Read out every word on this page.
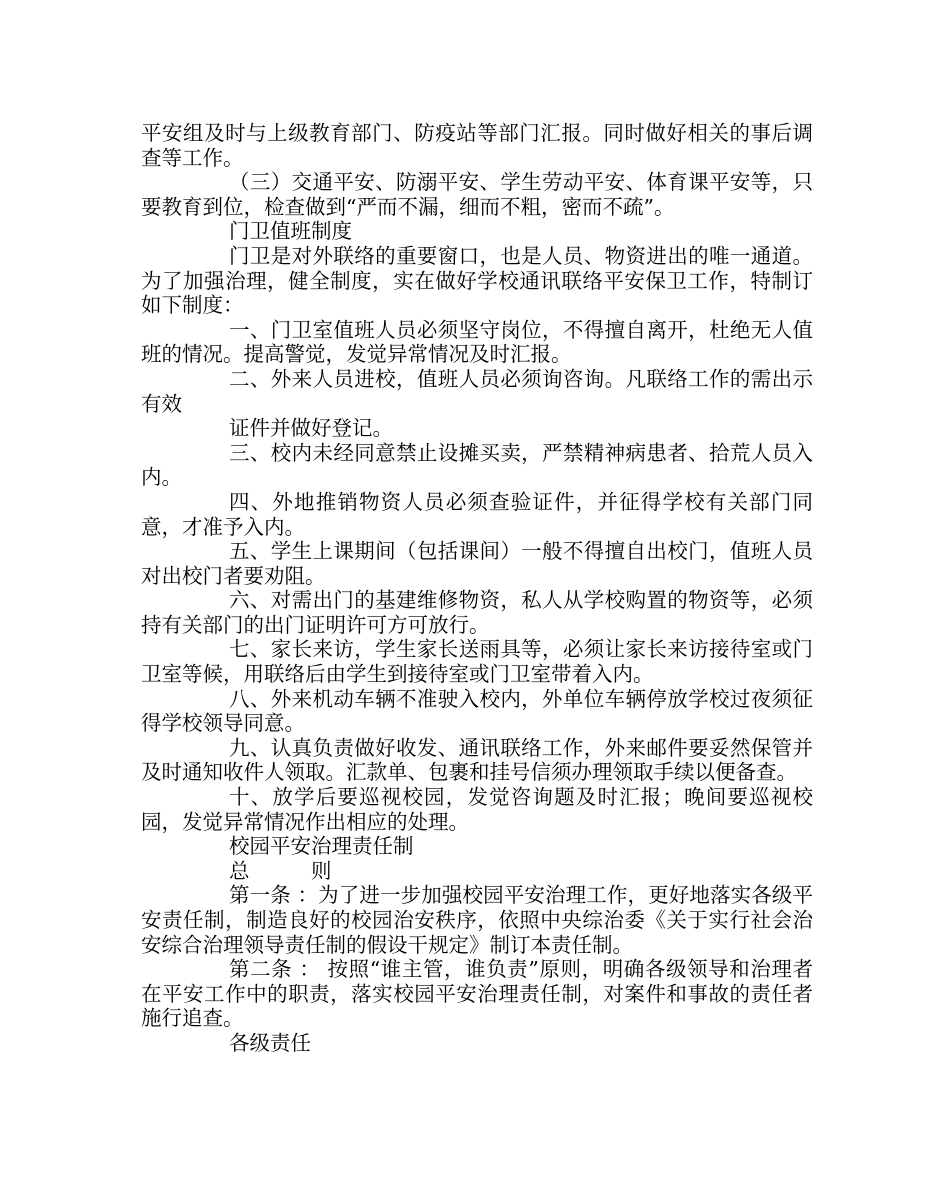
平安组及时与上级教育部门、防疫站等部门汇报。同时做好相关的事后调查等工作。

（三）交通平安、防溺平安、学生劳动平安、体育课平安等，只要教育到位，检查做到“严而不漏，细而不粗，密而不疏”。

门卫值班制度

门卫是对外联络的重要窗口，也是人员、物资进出的唯一通道。为了加强治理，健全制度，实在做好学校通讯联络平安保卫工作，特制订如下制度：

一、门卫室值班人员必须坚守岗位，不得擅自离开，杜绝无人值班的情况。提高警觉，发觉异常情况及时汇报。

二、外来人员进校，值班人员必须询咨询。凡联络工作的需出示有效

证件并做好登记。

三、校内未经同意禁止设摊买卖，严禁精神病患者、拾荒人员入内。

四、外地推销物资人员必须查验证件，并征得学校有关部门同意，才准予入内。

五、学生上课期间（包括课间）一般不得擅自出校门，值班人员对出校门者要劝阻。

六、对需出门的基建维修物资，私人从学校购置的物资等，必须持有关部门的出门证明许可方可放行。

七、家长来访，学生家长送雨具等，必须让家长来访接待室或门卫室等候，用联络后由学生到接待室或门卫室带着入内。

八、外来机动车辆不准驶入校内，外单位车辆停放学校过夜须征得学校领导同意。

九、认真负责做好收发、通讯联络工作，外来邮件要妥然保管并及时通知收件人领取。汇款单、包裹和挂号信须办理领取手续以便备查。

十、放学后要巡视校园，发觉咨询题及时汇报；晚间要巡视校园，发觉异常情况作出相应的处理。

校园平安治理责任制

总　　　则

第一条 ：为了进一步加强校园平安治理工作，更好地落实各级平安责任制，制造良好的校园治安秩序，依照中央综治委《关于实行社会治安综合治理领导责任制的假设干规定》制订本责任制。

第二条 ： 按照“谁主管，谁负责”原则，明确各级领导和治理者在平安工作中的职责，落实校园平安治理责任制，对案件和事故的责任者施行追查。

各级责任
